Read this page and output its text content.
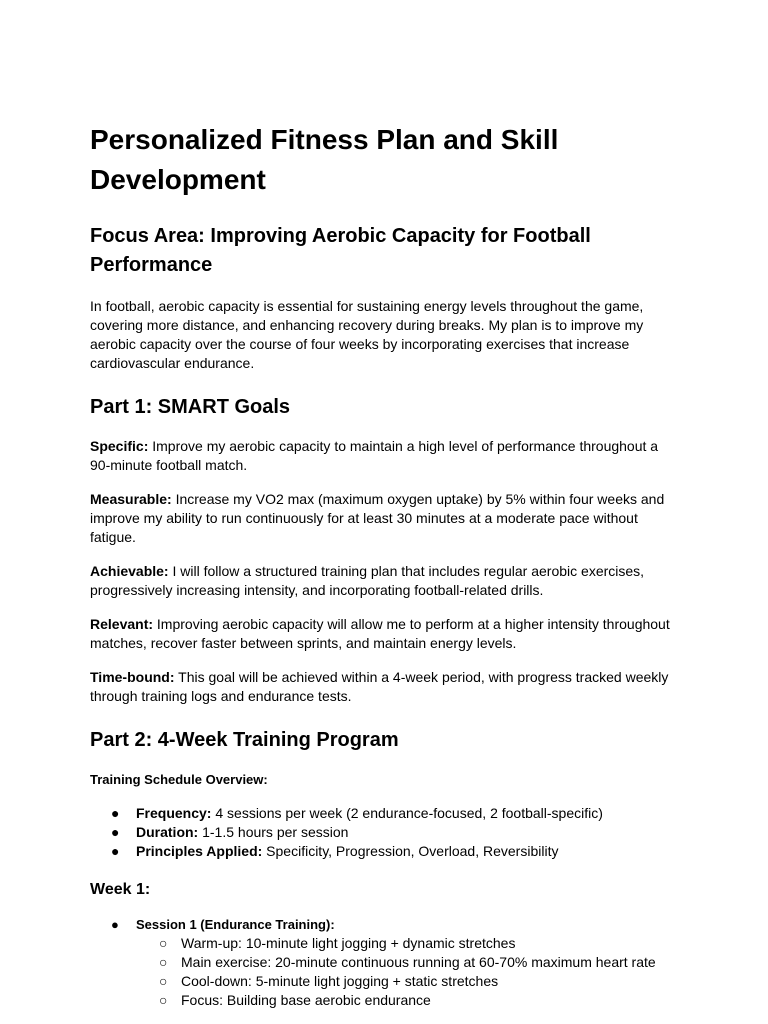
Personalized Fitness Plan and Skill Development
Focus Area: Improving Aerobic Capacity for Football Performance

In football, aerobic capacity is essential for sustaining energy levels throughout the game, covering more distance, and enhancing recovery during breaks. My plan is to improve my aerobic capacity over the course of four weeks by incorporating exercises that increase cardiovascular endurance.

Part 1: SMART Goals

Specific: Improve my aerobic capacity to maintain a high level of performance throughout a 90-minute football match.

Measurable: Increase my VO2 max (maximum oxygen uptake) by 5% within four weeks and improve my ability to run continuously for at least 30 minutes at a moderate pace without fatigue.

Achievable: I will follow a structured training plan that includes regular aerobic exercises, progressively increasing intensity, and incorporating football-related drills.

Relevant: Improving aerobic capacity will allow me to perform at a higher intensity throughout matches, recover faster between sprints, and maintain energy levels.

Time-bound: This goal will be achieved within a 4-week period, with progress tracked weekly through training logs and endurance tests.

Part 2: 4-Week Training Program

Training Schedule Overview:

● Frequency: 4 sessions per week (2 endurance-focused, 2 football-specific)
● Duration: 1-1.5 hours per session
● Principles Applied: Specificity, Progression, Overload, Reversibility
Week 1:
● Session 1 (Endurance Training):
○ Warm-up: 10-minute light jogging + dynamic stretches
○ Main exercise: 20-minute continuous running at 60-70% maximum heart rate
○ Cool-down: 5-minute light jogging + static stretches
○ Focus: Building base aerobic endurance
